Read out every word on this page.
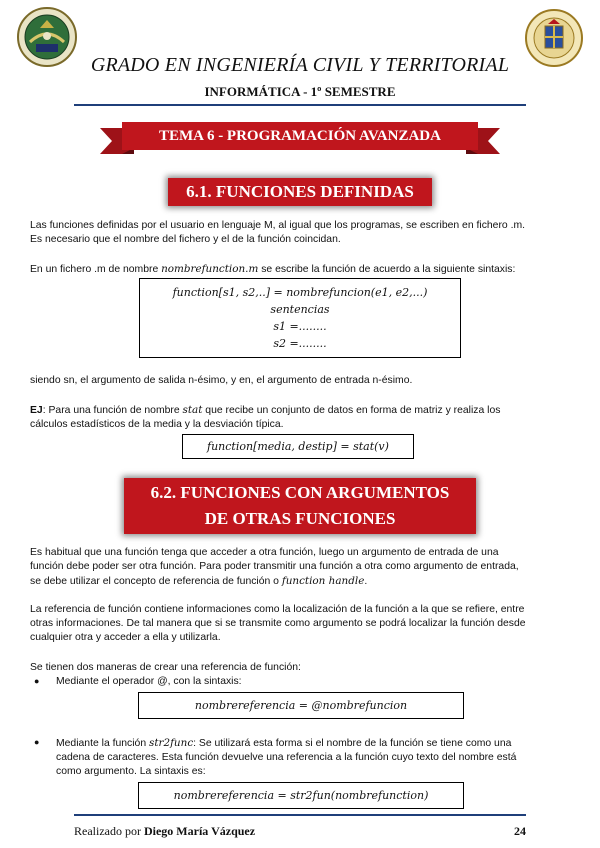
GRADO EN INGENIERÍA CIVIL Y TERRITORIAL
INFORMÁTICA - 1º SEMESTRE
TEMA 6 - PROGRAMACIÓN AVANZADA
6.1. FUNCIONES DEFINIDAS
Las funciones definidas por el usuario en lenguaje M, al igual que los programas, se escriben en fichero .m.
Es necesario que el nombre del fichero y el de la función coincidan.
En un fichero .m de nombre nombrefunction.m se escribe la función de acuerdo a la siguiente sintaxis:
function[s1, s2,..] = nombrefuncion(e1, e2,...)
sentencias
s1 =........
s2 =........
siendo sn, el argumento de salida n-ésimo, y en, el argumento de entrada n-ésimo.
EJ: Para una función de nombre stat que recibe un conjunto de datos en forma de matriz y realiza los
cálculos estadísticos de la media y la desviación típica.
function[media, destip] = stat(v)
6.2. FUNCIONES CON ARGUMENTOS
DE OTRAS FUNCIONES
Es habitual que una función tenga que acceder a otra función, luego un argumento de entrada de una
función debe poder ser otra función. Para poder transmitir una función a otra como argumento de entrada,
se debe utilizar el concepto de referencia de función o function handle.
La referencia de función contiene informaciones como la localización de la función a la que se refiere, entre
otras informaciones. De tal manera que si se transmite como argumento se podrá localizar la función desde
cualquier otra y acceder a ella y utilizarla.
Se tienen dos maneras de crear una referencia de función:
● Mediante el operador @, con la sintaxis:
nombrereferencia = @nombrefuncion
● Mediante la función str2func: Se utilizará esta forma si el nombre de la función se tiene como una
cadena de caracteres. Esta función devuelve una referencia a la función cuyo texto del nombre está
como argumento. La sintaxis es:
nombrereferencia = str2fun(nombrefunction)
Realizado por Diego María Vázquez	24
